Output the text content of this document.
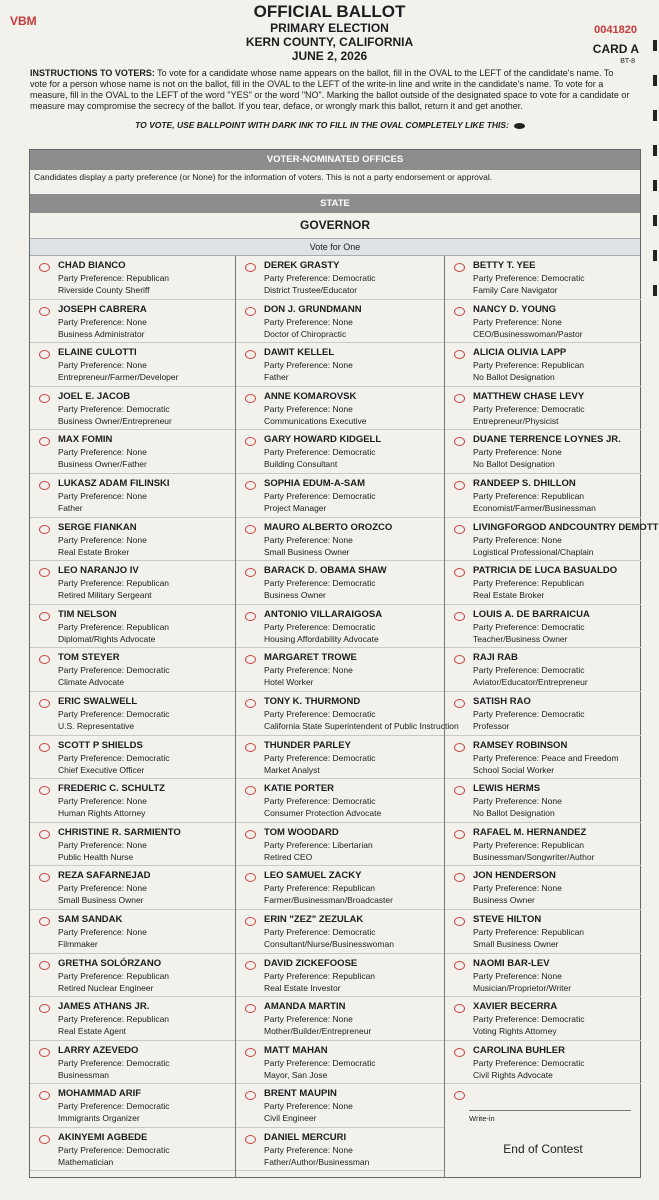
VBM	OFFICIAL BALLOT
PRIMARY ELECTION
KERN COUNTY, CALIFORNIA
JUNE 2, 2026
0041820
CARD A
BT-8
INSTRUCTIONS TO VOTERS: To vote for a candidate whose name appears on the ballot, fill in the OVAL to the LEFT of the candidate's name. To vote for a person whose name is not on the ballot, fill in the OVAL to the LEFT of the write-in line and write in the candidate's name. To vote for a measure, fill in the OVAL to the LEFT of the word "YES" or the word "NO". Marking the ballot outside of the designated space to vote for a candidate or measure may compromise the secrecy of the ballot. If you tear, deface, or wrongly mark this ballot, return it and get another.
TO VOTE, USE BALLPOINT WITH DARK INK TO FILL IN THE OVAL COMPLETELY LIKE THIS:
VOTER-NOMINATED OFFICES
Candidates display a party preference (or None) for the information of voters. This is not a party endorsement or approval.
STATE
GOVERNOR
Vote for One
CHAD BIANCO
Party Preference: Republican
Riverside County Sheriff
JOSEPH CABRERA
Party Preference: None
Business Administrator
ELAINE CULOTTI
Party Preference: None
Entrepreneur/Farmer/Developer
JOEL E. JACOB
Party Preference: Democratic
Business Owner/Entrepreneur
MAX FOMIN
Party Preference: None
Business Owner/Father
LUKASZ ADAM FILINSKI
Party Preference: None
Father
SERGE FIANKAN
Party Preference: None
Real Estate Broker
LEO NARANJO IV
Party Preference: Republican
Retired Military Sergeant
TIM NELSON
Party Preference: Republican
Diplomat/Rights Advocate
TOM STEYER
Party Preference: Democratic
Climate Advocate
ERIC SWALWELL
Party Preference: Democratic
U.S. Representative
SCOTT P SHIELDS
Party Preference: Democratic
Chief Executive Officer
FREDERIC C. SCHULTZ
Party Preference: None
Human Rights Attorney
CHRISTINE R. SARMIENTO
Party Preference: None
Public Health Nurse
REZA SAFARNEJAD
Party Preference: None
Small Business Owner
SAM SANDAK
Party Preference: None
Filmmaker
GRETHA SOLÓRZANO
Party Preference: Republican
Retired Nuclear Engineer
JAMES ATHANS JR.
Party Preference: Republican
Real Estate Agent
LARRY AZEVEDO
Party Preference: Democratic
Businessman
MOHAMMAD ARIF
Party Preference: Democratic
Immigrants Organizer
AKINYEMI AGBEDE
Party Preference: Democratic
Mathematician
DEREK GRASTY
Party Preference: Democratic
District Trustee/Educator
DON J. GRUNDMANN
Party Preference: None
Doctor of Chiropractic
DAWIT KELLEL
Party Preference: None
Father
ANNE KOMAROVSK
Party Preference: None
Communications Executive
GARY HOWARD KIDGELL
Party Preference: Democratic
Building Consultant
SOPHIA EDUM-A-SAM
Party Preference: Democratic
Project Manager
MAURO ALBERTO OROZCO
Party Preference: None
Small Business Owner
BARACK D. OBAMA SHAW
Party Preference: Democratic
Business Owner
ANTONIO VILLARAIGOSA
Party Preference: Democratic
Housing Affordability Advocate
MARGARET TROWE
Party Preference: None
Hotel Worker
TONY K. THURMOND
Party Preference: Democratic
California State Superintendent of Public Instruction
THUNDER PARLEY
Party Preference: Democratic
Market Analyst
KATIE PORTER
Party Preference: Democratic
Consumer Protection Advocate
TOM WOODARD
Party Preference: Libertarian
Retired CEO
LEO SAMUEL ZACKY
Party Preference: Republican
Farmer/Businessman/Broadcaster
ERIN "ZEZ" ZEZULAK
Party Preference: Democratic
Consultant/Nurse/Businesswoman
DAVID ZICKEFOOSE
Party Preference: Republican
Real Estate Investor
AMANDA MARTIN
Party Preference: None
Mother/Builder/Entrepreneur
MATT MAHAN
Party Preference: Democratic
Mayor, San Jose
BRENT MAUPIN
Party Preference: None
Civil Engineer
DANIEL MERCURI
Party Preference: None
Father/Author/Businessman
BETTY T. YEE
Party Preference: Democratic
Family Care Navigator
NANCY D. YOUNG
Party Preference: None
CEO/Businesswoman/Pastor
ALICIA OLIVIA LAPP
Party Preference: Republican
No Ballot Designation
MATTHEW CHASE LEVY
Party Preference: Democratic
Entrepreneur/Physicist
DUANE TERRENCE LOYNES JR.
Party Preference: None
No Ballot Designation
RANDEEP S. DHILLON
Party Preference: Republican
Economist/Farmer/Businessman
LIVINGFORGOD ANDCOUNTRY DEMOTT
Party Preference: None
Logistical Professional/Chaplain
PATRICIA DE LUCA BASUALDO
Party Preference: Republican
Real Estate Broker
LOUIS A. DE BARRAICUA
Party Preference: Democratic
Teacher/Business Owner
RAJI RAB
Party Preference: Democratic
Aviator/Educator/Entrepreneur
SATISH RAO
Party Preference: Democratic
Professor
RAMSEY ROBINSON
Party Preference: Peace and Freedom
School Social Worker
LEWIS HERMS
Party Preference: None
No Ballot Designation
RAFAEL M. HERNANDEZ
Party Preference: Republican
Businessman/Songwriter/Author
JON HENDERSON
Party Preference: None
Business Owner
STEVE HILTON
Party Preference: Republican
Small Business Owner
NAOMI BAR-LEV
Party Preference: None
Musician/Proprietor/Writer
XAVIER BECERRA
Party Preference: Democratic
Voting Rights Attorney
CAROLINA BUHLER
Party Preference: Democratic
Civil Rights Advocate
Write-in
End of Contest
